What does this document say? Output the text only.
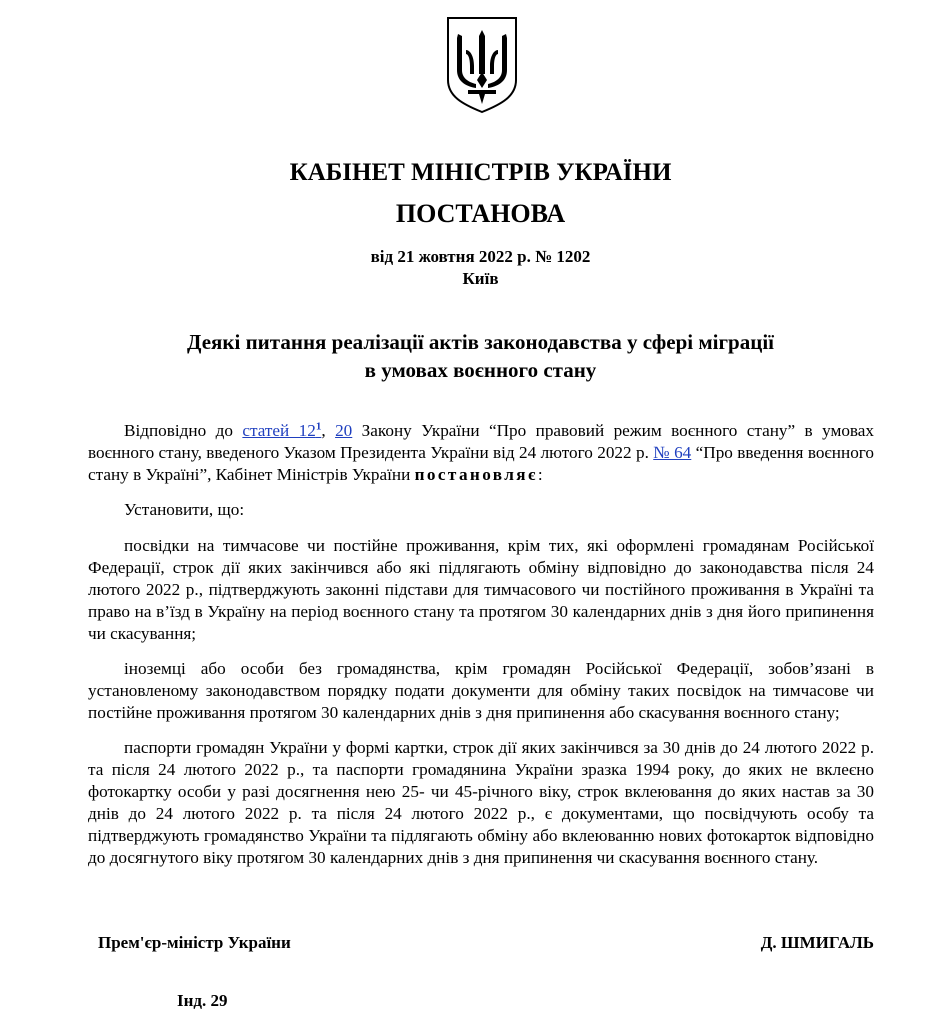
КАБІНЕТ МІНІСТРІВ УКРАЇНИ
ПОСТАНОВА
від 21 жовтня 2022 р. № 1202
Київ
Деякі питання реалізації актів законодавства у сфері міграції
в умовах воєнного стану

Відповідно до статей 12$^1$, 20 Закону України “Про правовий режим воєнного стану” в умовах воєнного стану, введеного Указом Президента України від 24 лютого 2022 р. № 64 “Про введення воєнного стану в Україні”, Кабінет Міністрів України постановляє:

Установити, що:

посвідки на тимчасове чи постійне проживання, крім тих, які оформлені громадянам Російської Федерації, строк дії яких закінчився або які підлягають обміну відповідно до законодавства після 24 лютого 2022 р., підтверджують законні підстави для тимчасового чи постійного проживання в Україні та право на в’їзд в Україну на період воєнного стану та протягом 30 календарних днів з дня його припинення чи скасування;

іноземці або особи без громадянства, крім громадян Російської Федерації, зобов’язані в установленому законодавством порядку подати документи для обміну таких посвідок на тимчасове чи постійне проживання протягом 30 календарних днів з дня припинення або скасування воєнного стану;

паспорти громадян України у формі картки, строк дії яких закінчився за 30 днів до 24 лютого 2022 р. та після 24 лютого 2022 р., та паспорти громадянина України зразка 1994 року, до яких не вклеєно фотокартку особи у разі досягнення нею 25- чи 45-річного віку, строк вклеювання до яких настав за 30 днів до 24 лютого 2022 р. та після 24 лютого 2022 р., є документами, що посвідчують особу та підтверджують громадянство України та підлягають обміну або вклеюванню нових фотокарток відповідно до досягнутого віку протягом 30 календарних днів з дня припинення чи скасування воєнного стану.

Прем'єр-міністр України	Д. ШМИГАЛЬ
Інд. 29
